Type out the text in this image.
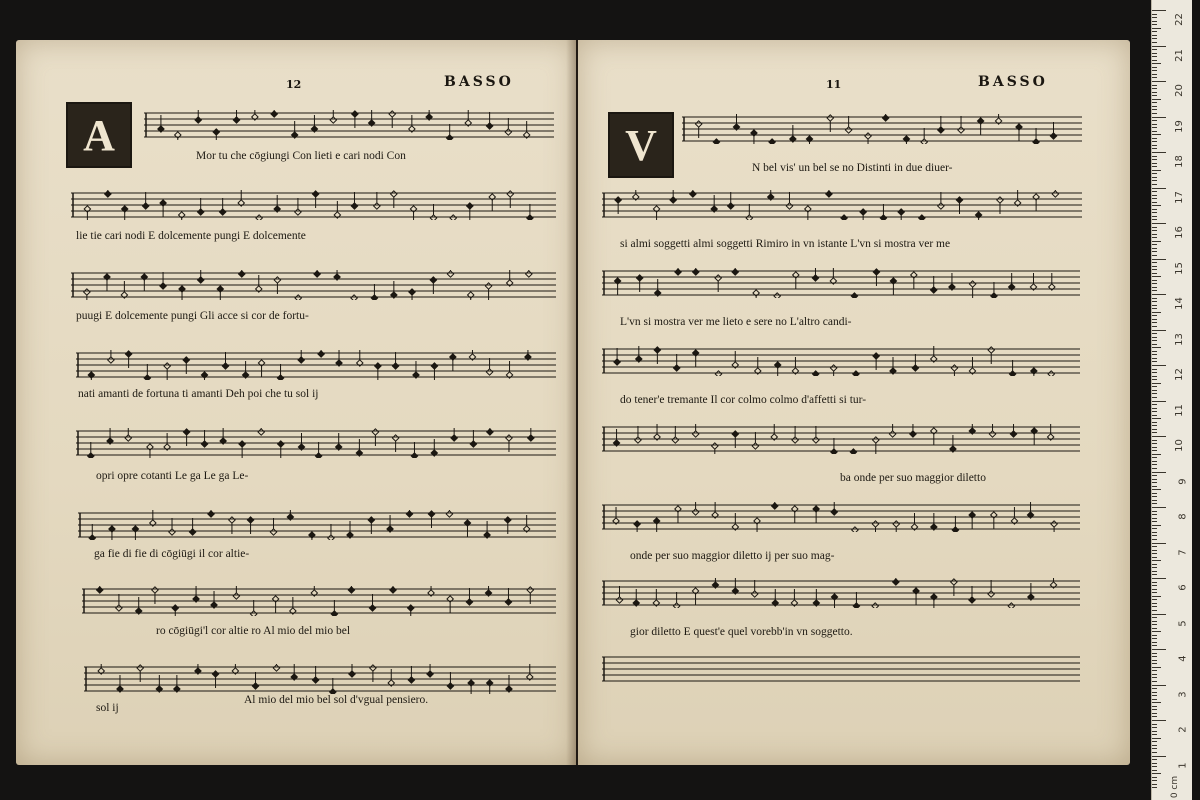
12	BASSO
A	Mor tu che cōgiungi Con lieti e cari nodi Con
lie tie cari nodi E dolcemente pungi E dolcemente
puugi E dolcemente pungi Gli acce si cor de fortu-
nati amanti de fortuna ti amanti Deh poi che tu sol ij
opri opre cotanti Le ga Le ga Le-
ga fie di fie di cōgiūgi il cor altie-
ro cōgiūgi'l cor altie ro Al mio del mio bel
sol ij
Al mio del mio bel sol d'vgual pensiero.
11	BASSO
V	N bel vis' un bel se no Distinti in due diuer-
si almi soggetti almi soggetti Rimiro in vn istante L'vn si mostra ver me
L'vn si mostra ver me lieto e sere no L'altro candi-
do tener'e tremante Il cor colmo colmo d'affetti si tur-
ba onde per suo maggior diletto
onde per suo maggior diletto ij per suo mag-
gior diletto E quest'e quel vorebb'in vn soggetto.
22
21
20
19
18
17
16
15
14
13
12
11
10
9
8
7
6
5
4
3
2
1
0 cm
